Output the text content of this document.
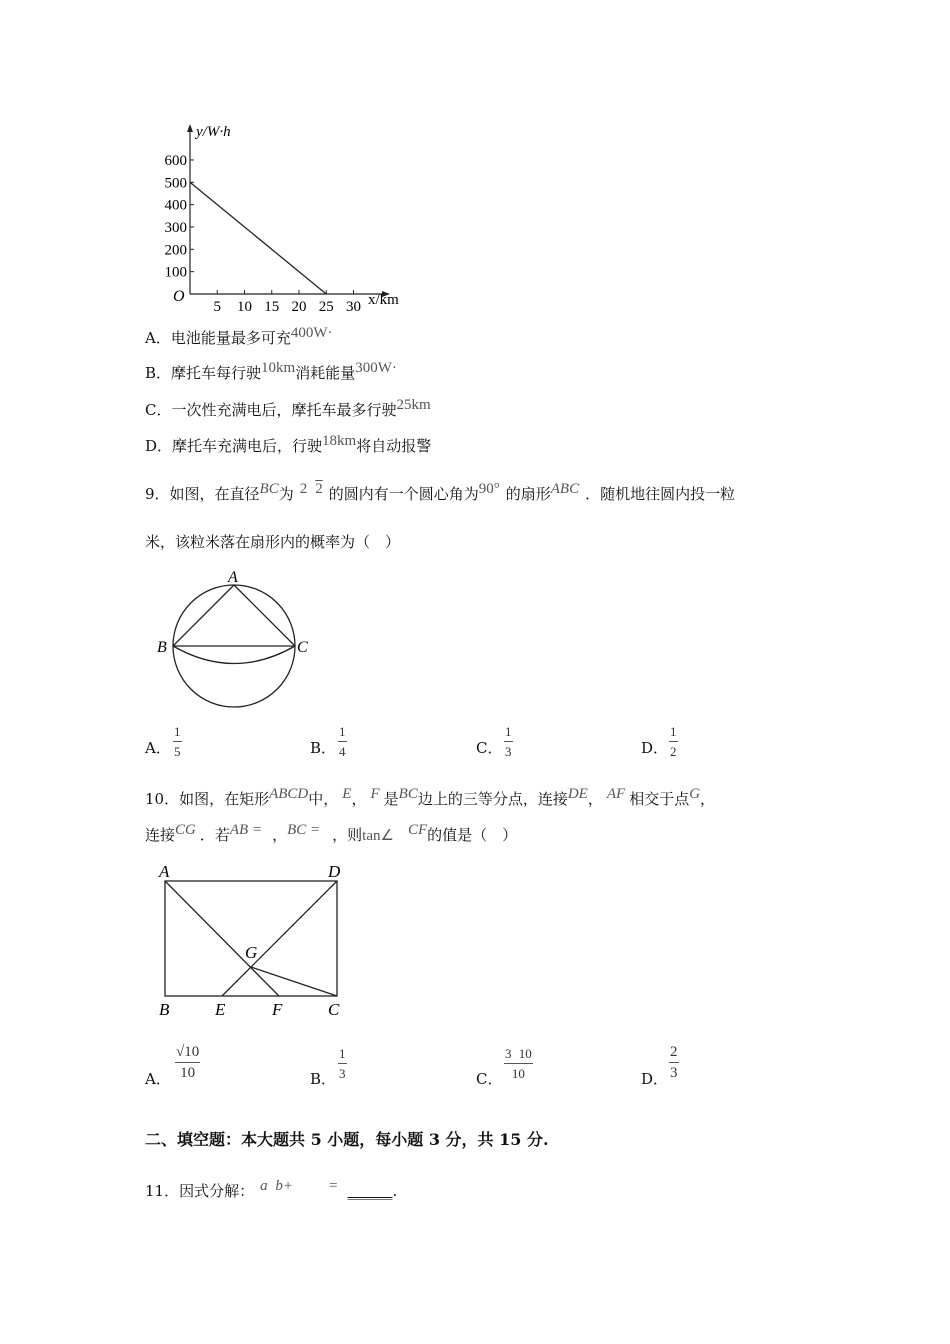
y/W·h
x/km
O
600
500
400
300
200
100
5 10 15 20 25 30
A．电池能量最多可充$^{400W\cdot}$
B．摩托车每行驶$^{10km}$消耗能量$^{300W\cdot}$
C．一次性充满电后，摩托车最多行驶$^{25km}$
D．摩托车充满电后，行驶$^{18km}$将自动报警
9．如图，在直径$^{BC}$为 $^2$ $^2$ 的圆内有一个圆心角为$^{90^\circ}$ 的扇形$^{ABC}$ ．随机地往圆内投一粒
米，该粒米落在扇形内的概率为（　）
A
B	C
A． $\frac{1}{5}$	B． $\frac{1}{4}$	C． $\frac{1}{3}$	D． $\frac{1}{2}$
10．如图，在矩形$^{ABCD}$中， $^E$， $^F$ 是$^{BC}$边上的三等分点，连接$^{DE}$， $^{AF}$ 相交于点$^G$，
连接$^{CG}$ ．若$^{AB =}$ ，$^{BC =}$ ，则tan∠ $^{CF}$的值是（　）
A	D
G
B	E	F	C
A． $\frac{√10}{10}$	B． $\frac{1}{3}$	C． $\frac{3 10}{10}$	D． $\frac{2}{3}$
二、填空题：本大题共 5 小题，每小题 3 分，共 15 分.
11．因式分解： $^{a b+}$ = ______.
